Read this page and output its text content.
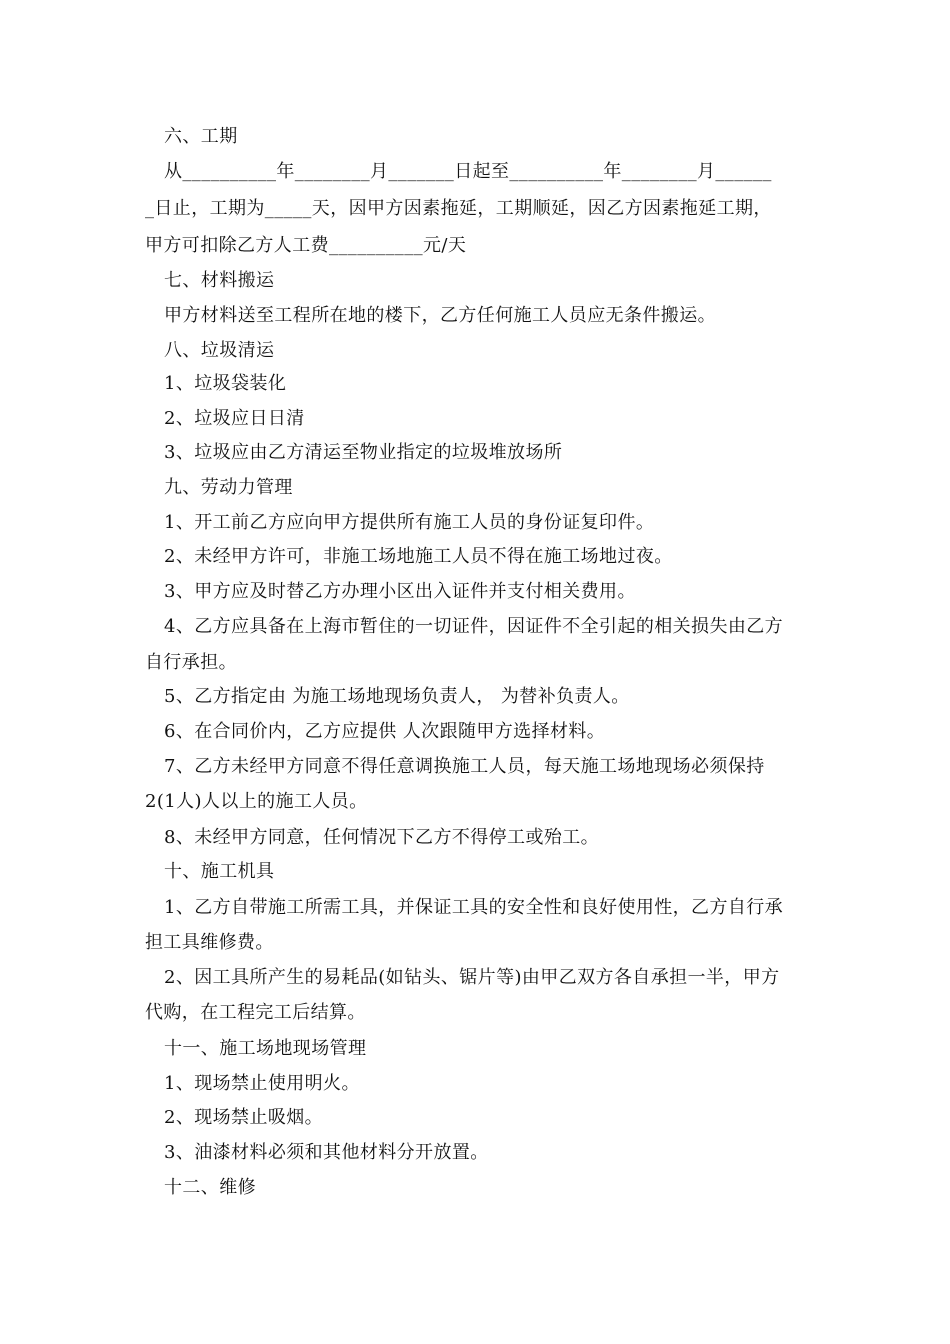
六、工期
从__________年________月_______日起至__________年________月______
_日止，工期为_____天，因甲方因素拖延，工期顺延，因乙方因素拖延工期，
甲方可扣除乙方人工费__________元/天
七、材料搬运
甲方材料送至工程所在地的楼下，乙方任何施工人员应无条件搬运。
八、垃圾清运
1、垃圾袋装化
2、垃圾应日日清
3、垃圾应由乙方清运至物业指定的垃圾堆放场所
九、劳动力管理
1、开工前乙方应向甲方提供所有施工人员的身份证复印件。
2、未经甲方许可，非施工场地施工人员不得在施工场地过夜。
3、甲方应及时替乙方办理小区出入证件并支付相关费用。
4、乙方应具备在上海市暂住的一切证件，因证件不全引起的相关损失由乙方
自行承担。
5、乙方指定由 为施工场地现场负责人， 为替补负责人。
6、在合同价内，乙方应提供 人次跟随甲方选择材料。
7、乙方未经甲方同意不得任意调换施工人员，每天施工场地现场必须保持
2(1人)人以上的施工人员。
8、未经甲方同意，任何情况下乙方不得停工或殆工。
十、施工机具
1、乙方自带施工所需工具，并保证工具的安全性和良好使用性，乙方自行承
担工具维修费。
2、因工具所产生的易耗品(如钻头、锯片等)由甲乙双方各自承担一半，甲方
代购，在工程完工后结算。
十一、施工场地现场管理
1、现场禁止使用明火。
2、现场禁止吸烟。
3、油漆材料必须和其他材料分开放置。
十二、维修
